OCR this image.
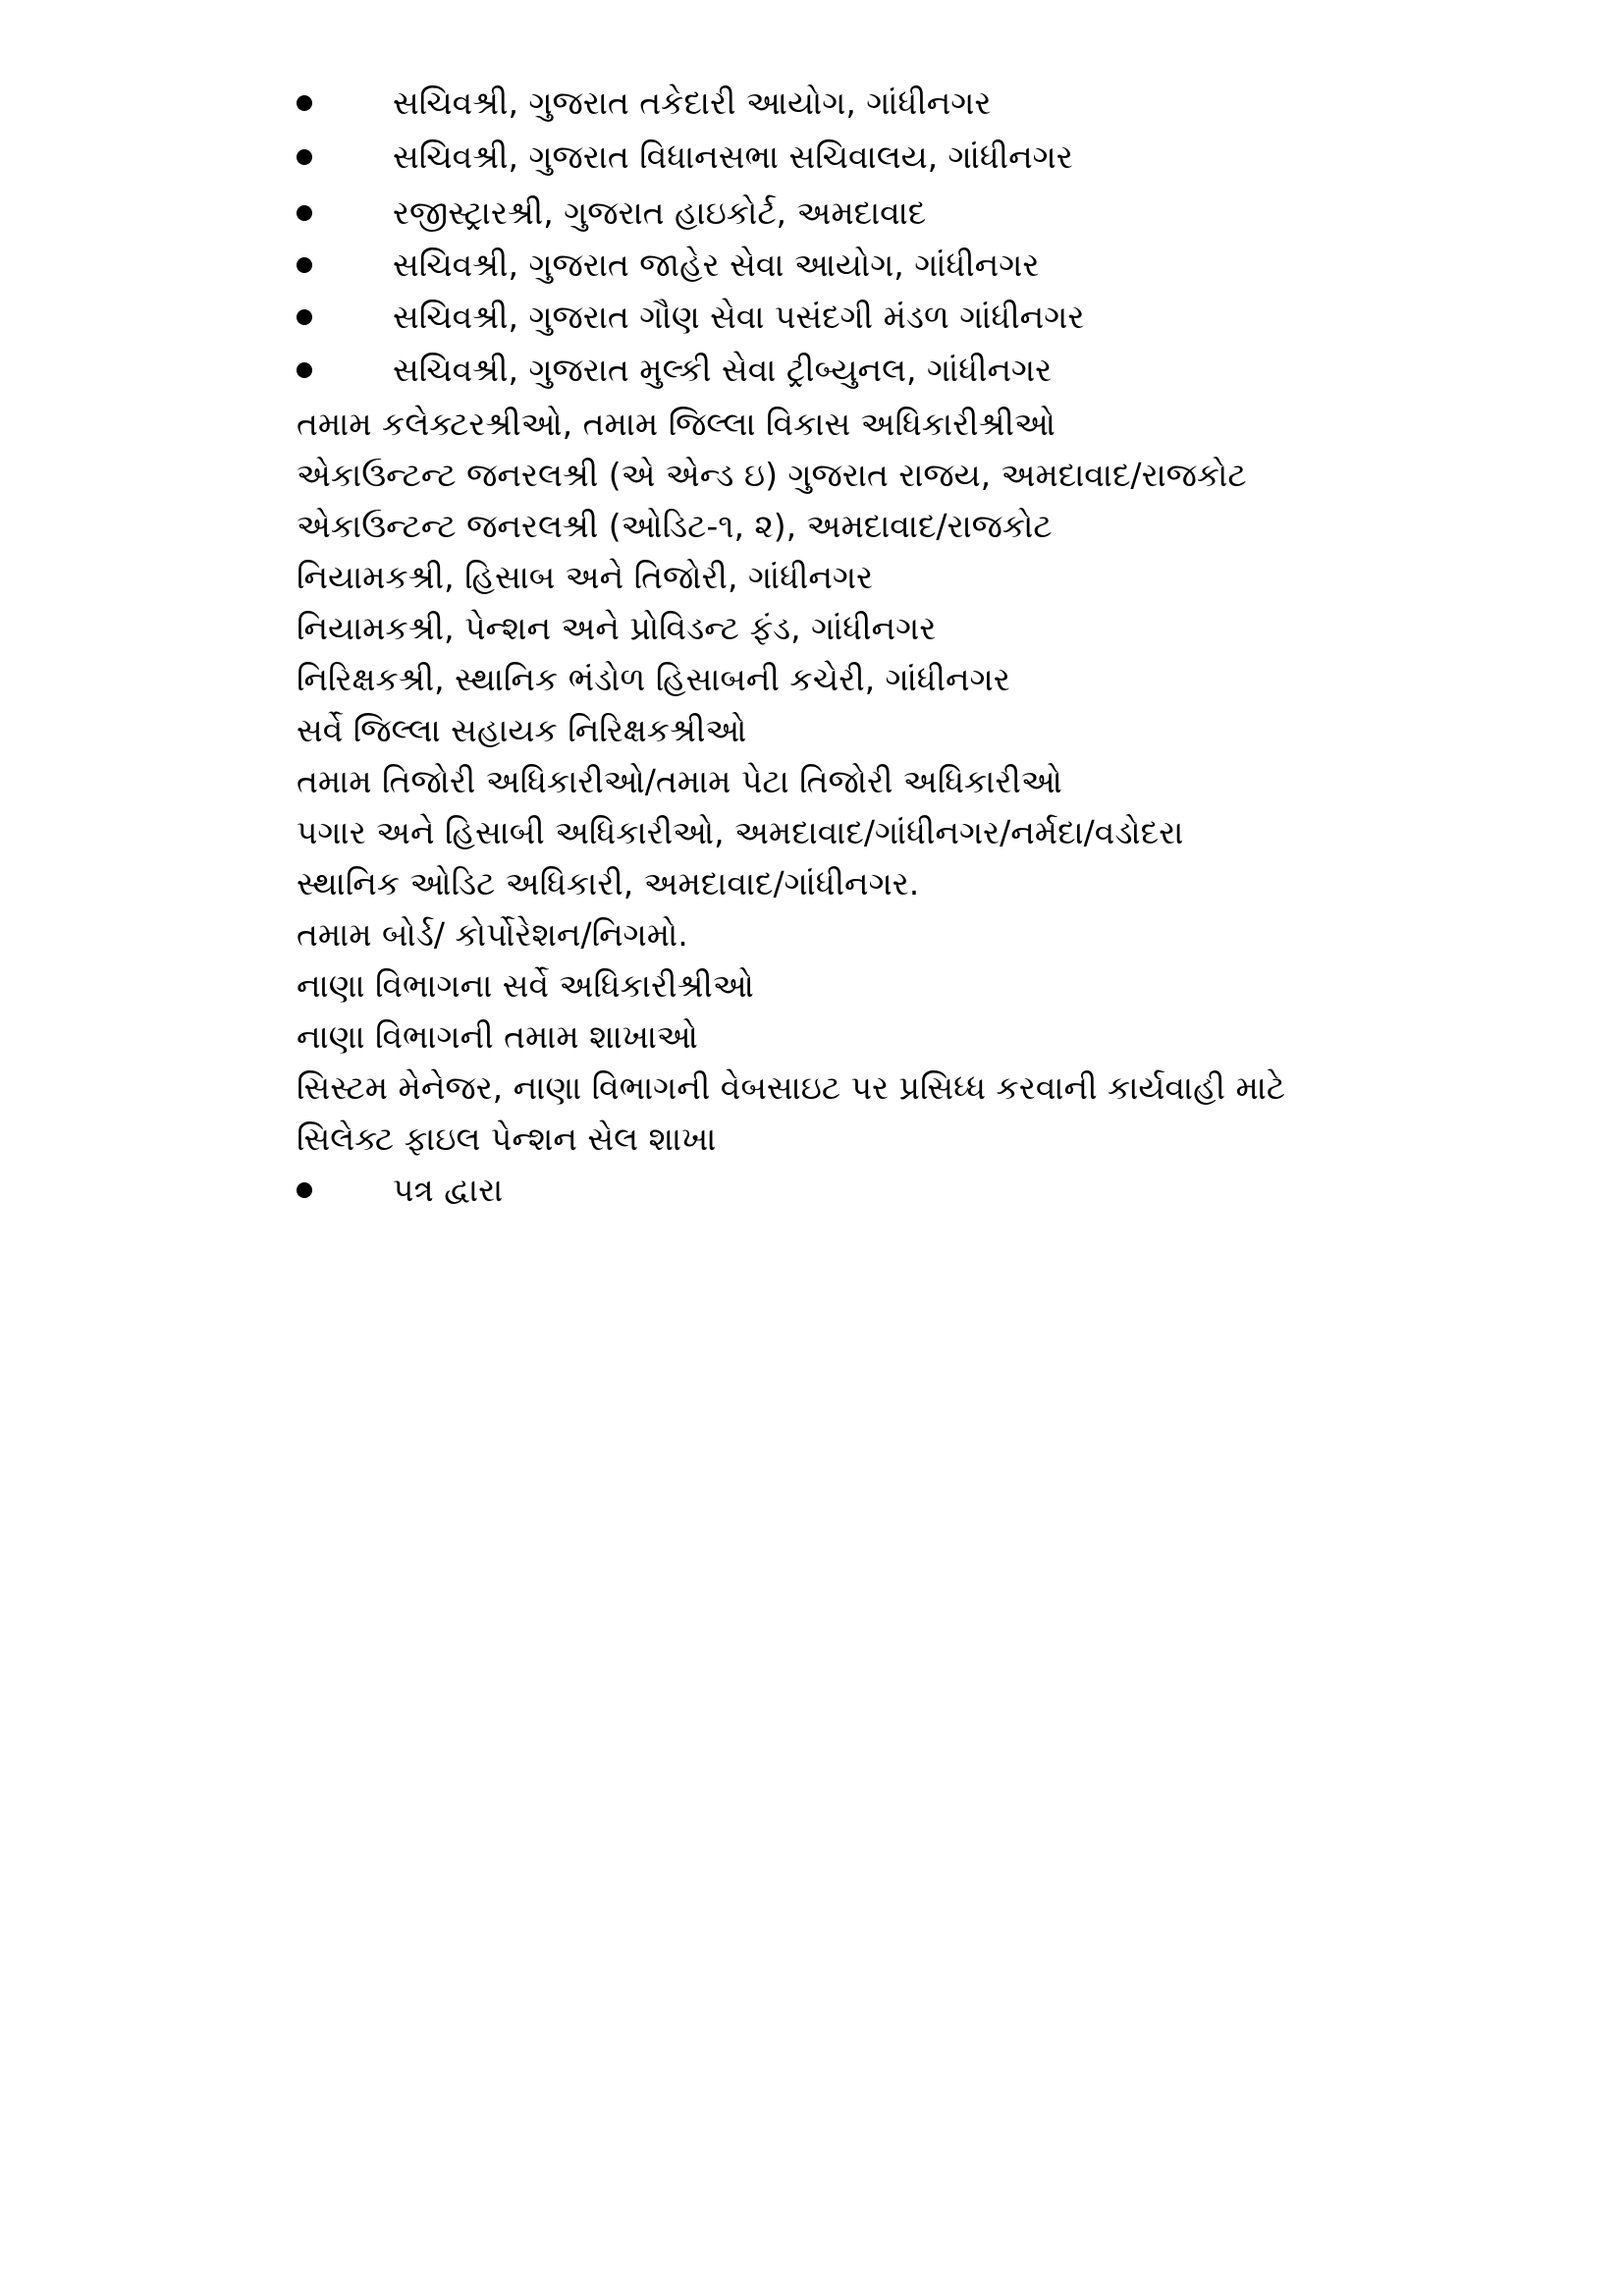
સચિવશ્રી, ગુજરાત તકેદારી આયોગ, ગાંધીનગર
સચિવશ્રી, ગુજરાત વિધાનસભા સચિવાલય, ગાંધીનગર
રજીસ્ટ્રારશ્રી, ગુજરાત હાઇકોર્ટ, અમદાવાદ
સચિવશ્રી, ગુજરાત જાહેર સેવા આયોગ, ગાંધીનગર
સચિવશ્રી, ગુજરાત ગૌણ સેવા પસંદગી મંડળ ગાંધીનગર
સચિવશ્રી, ગુજરાત મુલ્કી સેવા ટ્રીબ્યુનલ, ગાંધીનગર
તમામ કલેક્ટરશ્રીઓ, તમામ જિલ્લા વિકાસ અધિકારીશ્રીઓ
એકાઉન્ટન્ટ જનરલશ્રી (એ એન્ડ ઇ) ગુજરાત રાજય, અમદાવાદ/રાજકોટ
એકાઉન્ટન્ટ જનરલશ્રી (ઓડિટ-૧, ૨), અમદાવાદ/રાજકોટ
નિયામકશ્રી, હિસાબ અને તિજોરી, ગાંધીનગર
નિયામકશ્રી, પેન્શન અને પ્રોવિડન્ટ ફંડ, ગાંધીનગર
નિરિક્ષકશ્રી, સ્થાનિક ભંડોળ હિસાબની કચેરી, ગાંધીનગર
સર્વે જિલ્લા સહાયક નિરિક્ષકશ્રીઓ
તમામ તિજોરી અધિકારીઓ/તમામ પેટા તિજોરી અધિકારીઓ
પગાર અને હિસાબી અધિકારીઓ, અમદાવાદ/ગાંધીનગર/નર્મદા/વડોદરા
સ્થાનિક ઓડિટ અધિકારી, અમદાવાદ/ગાંધીનગર.
તમામ બોર્ડ/ કોર્પોરેશન/નિગમો.
નાણા વિભાગના સર્વે અધિકારીશ્રીઓ
નાણા વિભાગની તમામ શાખાઓ
સિસ્ટમ મેનેજર, નાણા વિભાગની વેબસાઇટ પર પ્રસિધ્ધ કરવાની કાર્યવાહી માટે
સિલેક્ટ ફાઇલ પેન્શન સેલ શાખા
પત્ર દ્વારા
